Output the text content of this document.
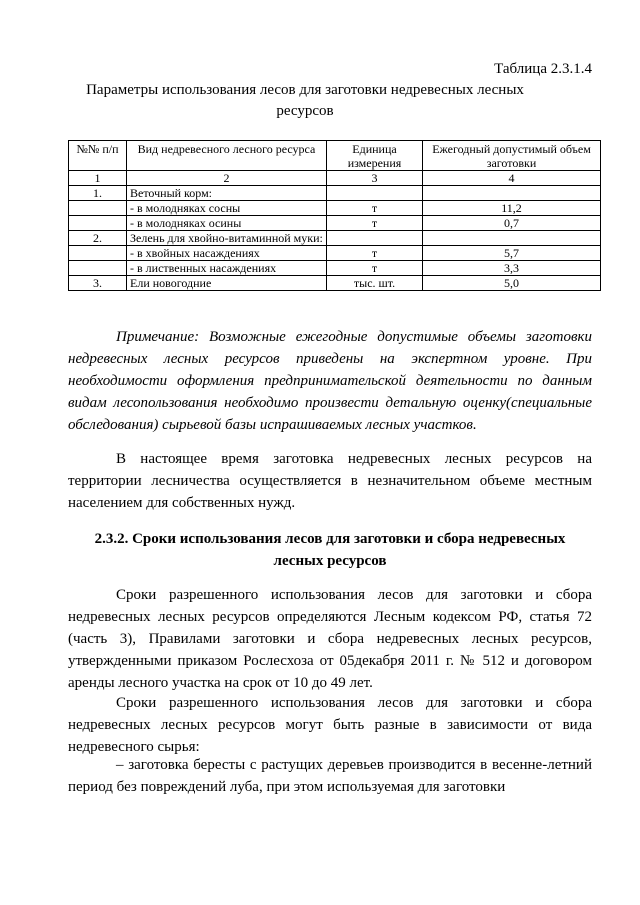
Таблица 2.3.1.4
Параметры использования лесов для заготовки недревесных лесных ресурсов
№№ п/п	Вид недревесного лесного ресурса	Единица измерения	Ежегодный допустимый объем заготовки
1	2	3	4
1.	Веточный корм:		
	- в молодняках сосны	т	11,2
	- в молодняках осины	т	0,7
2.	Зелень для хвойно-витаминной муки:		
	- в хвойных насаждениях	т	5,7
	- в лиственных насаждениях	т	3,3
3.	Ели новогодние	тыс. шт.	5,0
Примечание: Возможные ежегодные допустимые объемы заготовки недревесных лесных ресурсов приведены на экспертном уровне. При необходимости оформления предпринимательской деятельности по данным видам лесопользования необходимо произвести детальную оценку(специальные обследования) сырьевой базы испрашиваемых лесных участков.
В настоящее время заготовка недревесных лесных ресурсов на территории лесничества осуществляется в незначительном объеме местным населением для собственных нужд.
2.3.2. Сроки использования лесов для заготовки и сбора недревесных лесных ресурсов
Сроки разрешенного использования лесов для заготовки и сбора недревесных лесных ресурсов определяются Лесным кодексом РФ, статья 72 (часть 3), Правилами заготовки и сбора недревесных лесных ресурсов, утвержденными приказом Рослесхоза от 05декабря 2011 г. № 512 и договором аренды лесного участка на срок от 10 до 49 лет.
Сроки разрешенного использования лесов для заготовки и сбора недревесных лесных ресурсов могут быть разные в зависимости от вида недревесного сырья:
– заготовка бересты с растущих деревьев производится в весенне-летний период без повреждений луба, при этом используемая для заготовки
